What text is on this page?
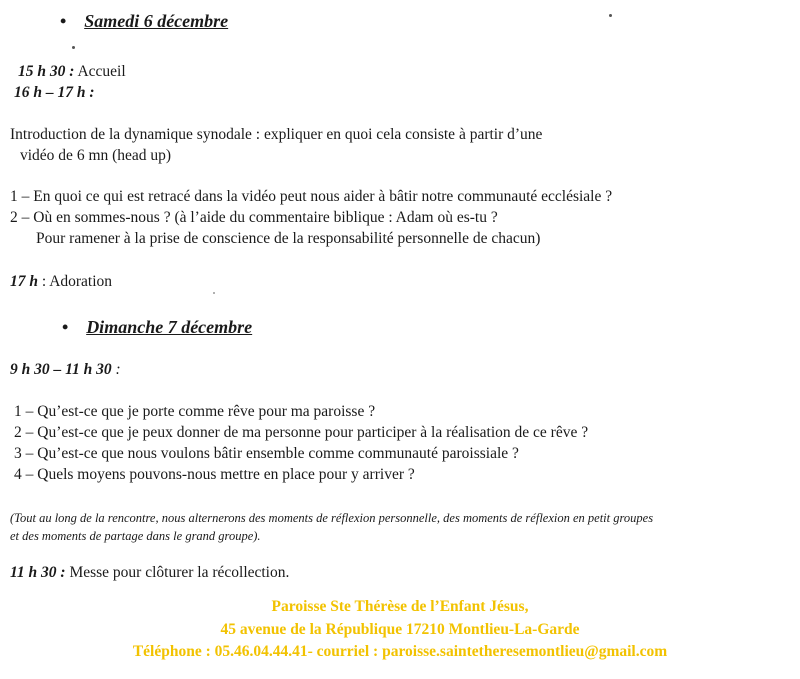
• Samedi 6 décembre
15 h 30 : Accueil
16 h – 17 h :
Introduction de la dynamique synodale : expliquer en quoi cela consiste à partir d’une
vidéo de 6 mn (head up)
1 – En quoi ce qui est retracé dans la vidéo peut nous aider à bâtir notre communauté ecclésiale ?
2 – Où en sommes-nous ? (à l’aide du commentaire biblique : Adam où es-tu ?
Pour ramener à la prise de conscience de la responsabilité personnelle de chacun)
17 h : Adoration
• Dimanche 7 décembre
9 h 30 – 11 h 30 :
1 – Qu’est-ce que je porte comme rêve pour ma paroisse ?
2 – Qu’est-ce que je peux donner de ma personne pour participer à la réalisation de ce rêve ?
3 – Qu’est-ce que nous voulons bâtir ensemble comme communauté paroissiale ?
4 – Quels moyens pouvons-nous mettre en place pour y arriver ?
(Tout au long de la rencontre, nous alternerons des moments de réflexion personnelle, des moments de réflexion en petit groupes
et des moments de partage dans le grand groupe).
11 h 30 : Messe pour clôturer la récollection.
Paroisse Ste Thérèse de l’Enfant Jésus,
45 avenue de la République 17210 Montlieu-La-Garde
Téléphone : 05.46.04.44.41- courriel : paroisse.saintetheresemontlieu@gmail.com
